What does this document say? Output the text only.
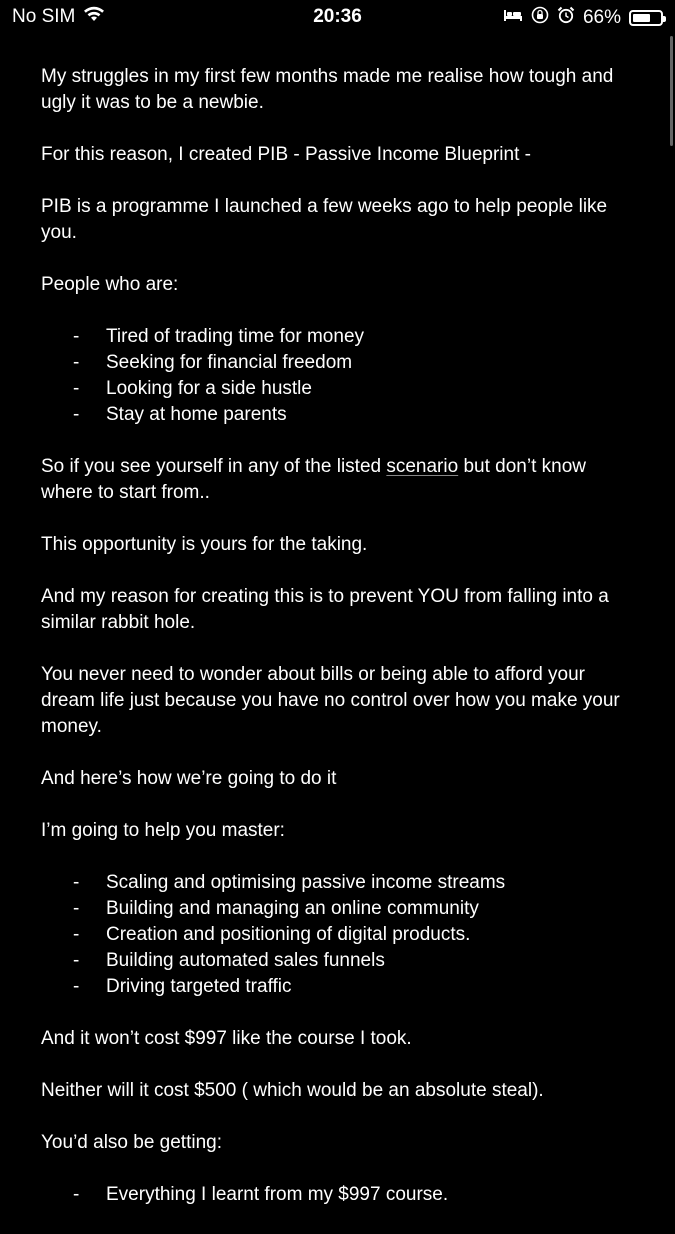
No SIM	20:36	66%

My struggles in my first few months made me realise how tough and ugly it was to be a newbie.

For this reason, I created PIB - Passive Income Blueprint -

PIB is a programme I launched a few weeks ago to help people like you.

People who are:

- Tired of trading time for money
- Seeking for financial freedom
- Looking for a side hustle
- Stay at home parents

So if you see yourself in any of the listed scenario but don’t know where to start from..

This opportunity is yours for the taking.

And my reason for creating this is to prevent YOU from falling into a similar rabbit hole.

You never need to wonder about bills or being able to afford your dream life just because you have no control over how you make your money.

And here’s how we’re going to do it

I’m going to help you master:

- Scaling and optimising passive income streams
- Building and managing an online community
- Creation and positioning of digital products.
- Building automated sales funnels
- Driving targeted traffic

And it won’t cost $997 like the course I took.

Neither will it cost $500 ( which would be an absolute steal).

You’d also be getting:

- Everything I learnt from my $997 course.
